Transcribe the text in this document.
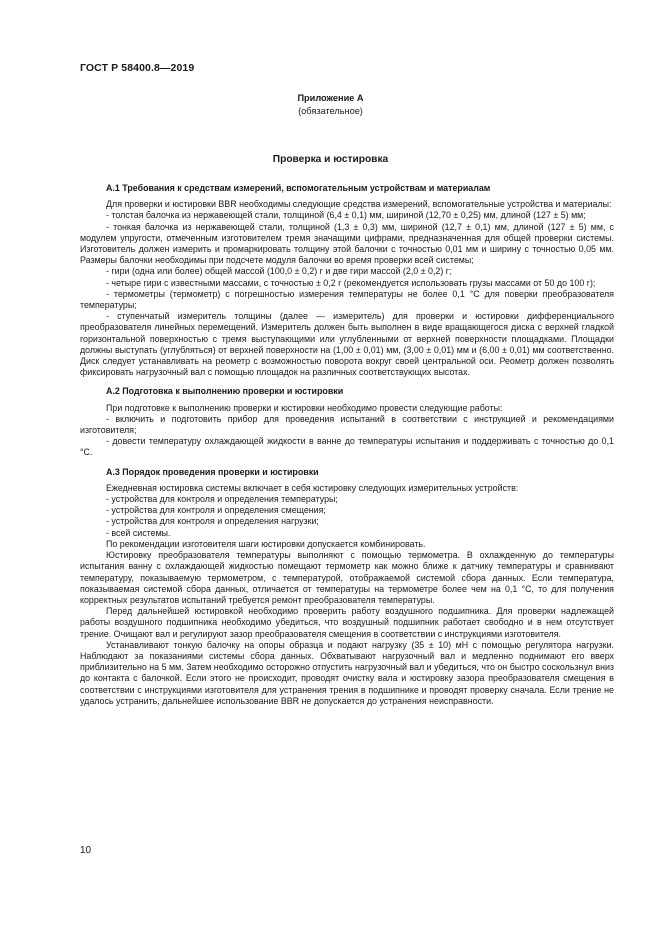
ГОСТ Р 58400.8—2019
Приложение А
(обязательное)
Проверка и юстировка

А.1 Требования к средствам измерений, вспомогательным устройствам и материалам

Для проверки и юстировки BBR необходимы следующие средства измерений, вспомогательные устройства и материалы:

- толстая балочка из нержавеющей стали, толщиной (6,4 ± 0,1) мм, шириной (12,70 ± 0,25) мм, длиной (127 ± 5) мм;

- тонкая балочка из нержавеющей стали, толщиной (1,3 ± 0,3) мм, шириной (12,7 ± 0,1) мм, длиной (127 ± 5) мм, с модулем упругости, отмеченным изготовителем тремя значащими цифрами, предназначенная для общей проверки системы. Изготовитель должен измерить и промаркировать толщину этой балочки с точностью 0,01 мм и ширину с точностью 0,05 мм. Размеры балочки необходимы при подсчете модуля балочки во время проверки всей системы;

- гири (одна или более) общей массой (100,0 ± 0,2) г и две гири массой (2,0 ± 0,2) г;

- четыре гири с известными массами, с точностью ± 0,2 г (рекомендуется использовать грузы массами от 50 до 100 г);

- термометры (термометр) с погрешностью измерения температуры не более 0,1 °С для поверки преобразователя температуры;

- ступенчатый измеритель толщины (далее — измеритель) для проверки и юстировки дифференциального преобразователя линейных перемещений. Измеритель должен быть выполнен в виде вращающегося диска с верхней гладкой горизонтальной поверхностью с тремя выступающими или углубленными от верхней поверхности площадками. Площадки должны выступать (углубляться) от верхней поверхности на (1,00 ± 0,01) мм, (3,00 ± 0,01) мм и (6,00 ± 0,01) мм соответственно. Диск следует устанавливать на реометр с возможностью поворота вокруг своей центральной оси. Реометр должен позволять фиксировать нагрузочный вал с помощью площадок на различных соответствующих высотах.

А.2 Подготовка к выполнению проверки и юстировки

При подготовке к выполнению проверки и юстировки необходимо провести следующие работы:

- включить и подготовить прибор для проведения испытаний в соответствии с инструкцией и рекомендациями изготовителя;

- довести температуру охлаждающей жидкости в ванне до температуры испытания и поддерживать с точностью до 0,1 °С.

А.3 Порядок проведения проверки и юстировки

Ежедневная юстировка системы включает в себя юстировку следующих измерительных устройств:

- устройства для контроля и определения температуры;

- устройства для контроля и определения смещения;

- устройства для контроля и определения нагрузки;

- всей системы.

По рекомендации изготовителя шаги юстировки допускается комбинировать.

Юстировку преобразователя температуры выполняют с помощью термометра. В охлажденную до температуры испытания ванну с охлаждающей жидкостью помещают термометр как можно ближе к датчику температуры и сравнивают температуру, показываемую термометром, с температурой, отображаемой системой сбора данных. Если температура, показываемая системой сбора данных, отличается от температуры на термометре более чем на 0,1 °С, то для получения корректных результатов испытаний требуется ремонт преобразователя температуры.

Перед дальнейшей юстировкой необходимо проверить работу воздушного подшипника. Для проверки надлежащей работы воздушного подшипника необходимо убедиться, что воздушный подшипник работает свободно и в нем отсутствует трение. Очищают вал и регулируют зазор преобразователя смещения в соответствии с инструкциями изготовителя.

Устанавливают тонкую балочку на опоры образца и подают нагрузку (35 ± 10) мН с помощью регулятора нагрузки. Наблюдают за показаниями системы сбора данных. Обхватывают нагрузочный вал и медленно поднимают его вверх приблизительно на 5 мм. Затем необходимо осторожно отпустить нагрузочный вал и убедиться, что он быстро соскользнул вниз до контакта с балочкой. Если этого не происходит, проводят очистку вала и юстировку зазора преобразователя смещения в соответствии с инструкциями изготовителя для устранения трения в подшипнике и проводят проверку сначала. Если трение не удалось устранить, дальнейшее использование BBR не допускается до устранения неисправности.

10
